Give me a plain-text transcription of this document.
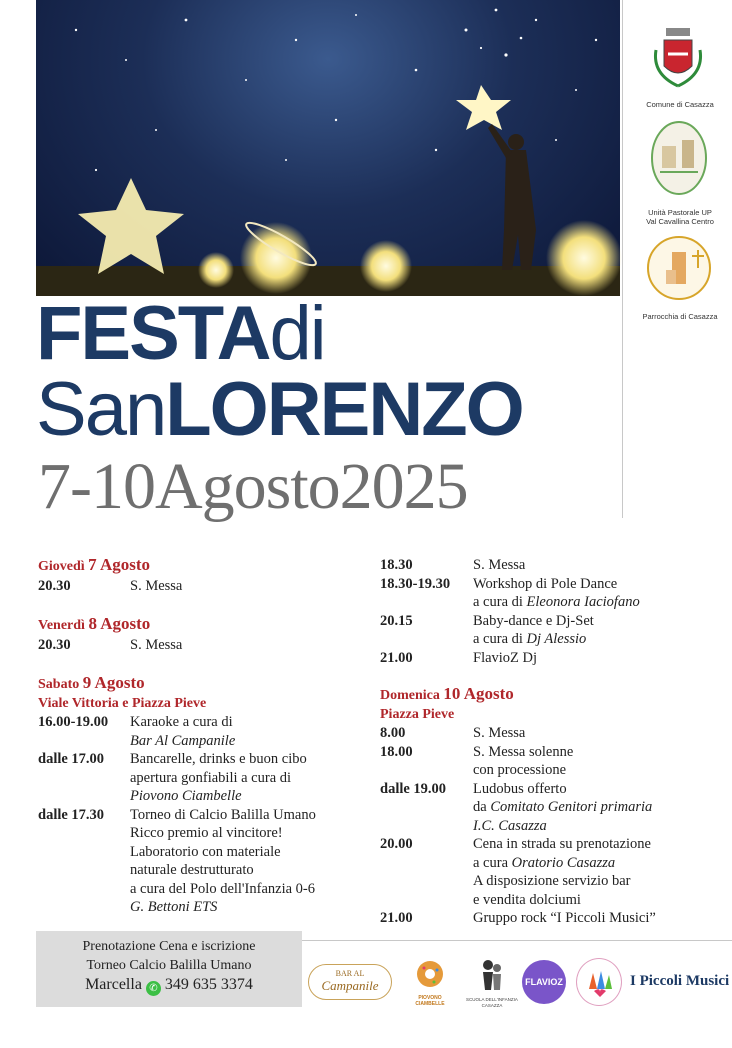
Comune di Casazza
Unità Pastorale UP
Val Cavallina Centro
Parrocchia di Casazza
FESTAdi
SanLORENZO
7-10Agosto2025
Giovedì 7 Agosto
20.30	S. Messa
Venerdì 8 Agosto
20.30	S. Messa
Sabato 9 Agosto
Viale Vittoria e Piazza Pieve
16.00-19.00	Karaoke a cura di
Bar Al Campanile
dalle 17.00	Bancarelle, drinks e buon cibo
apertura gonfiabili a cura di
Piovono Ciambelle
dalle 17.30	Torneo di Calcio Balilla Umano
Ricco premio al vincitore!
Laboratorio con materiale
naturale destrutturato
a cura del Polo dell'Infanzia 0-6
G. Bettoni ETS
18.30	S. Messa
18.30-19.30	Workshop di Pole Dance
a cura di Eleonora Iaciofano
20.15	Baby-dance e Dj-Set
a cura di Dj Alessio
21.00	FlavioZ Dj
Domenica 10 Agosto
Piazza Pieve
8.00	S. Messa
18.00	S. Messa solenne
con processione
dalle 19.00	Ludobus offerto
da Comitato Genitori primaria
I.C. Casazza
20.00	Cena in strada su prenotazione
a cura Oratorio Casazza
A disposizione servizio bar
e vendita dolciumi
21.00	Gruppo rock “I Piccoli Musici”
Prenotazione Cena e iscrizione
Torneo Calcio Balilla Umano
Marcella ✆ 349 635 3374
BAR AL
Campanile
PIOVONO CIAMBELLE
SCUOLA DELL'INFANZIA CASAZZA
FLAVIOZ DJ
I Piccoli Musici
